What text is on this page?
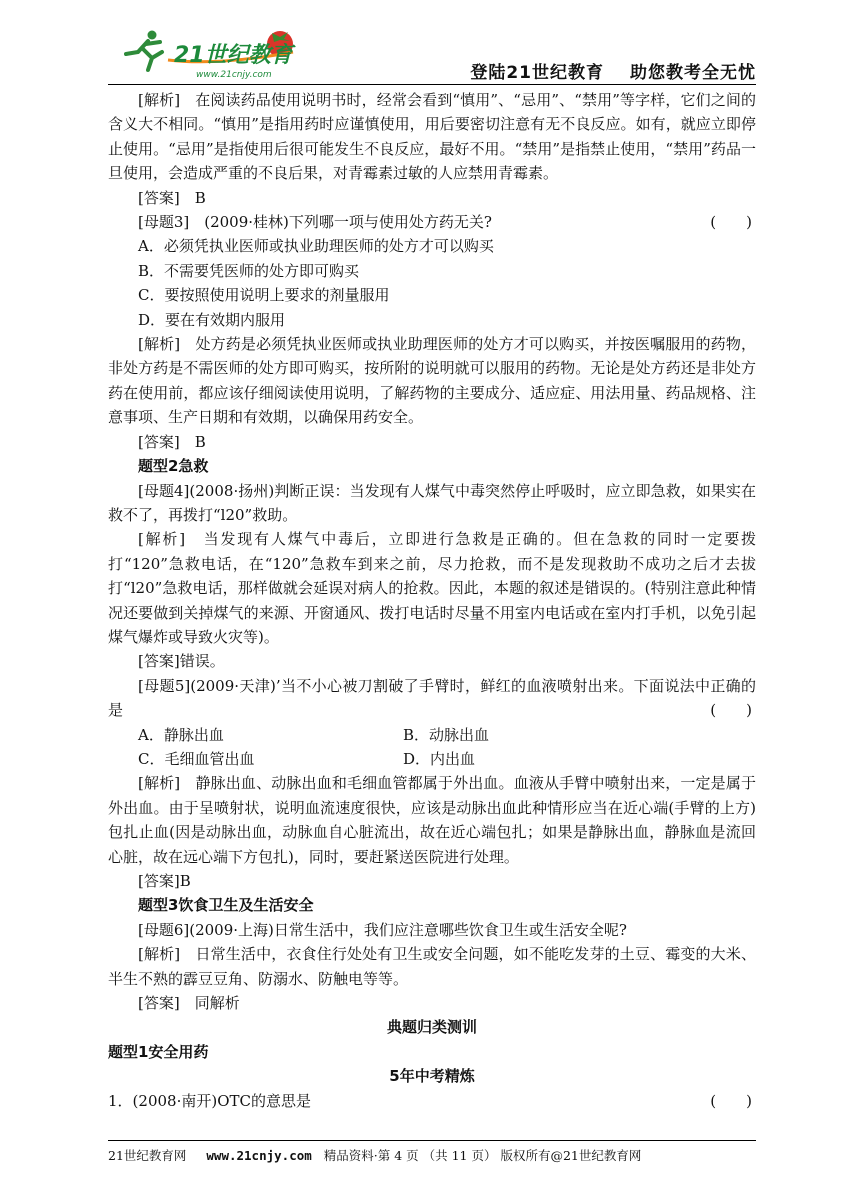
21世纪教育
www.21cnjy.com	登陆21世纪教育 助您教考全无忧

[解析]　在阅读药品使用说明书时，经常会看到“慎用”、“忌用”、“禁用”等字样，它们之间的含义大不相同。“慎用”是指用药时应谨慎使用，用后要密切注意有无不良反应。如有，就应立即停止使用。“忌用”是指使用后很可能发生不良反应，最好不用。“禁用”是指禁止使用，“禁用”药品一旦使用，会造成严重的不良后果，对青霉素过敏的人应禁用青霉素。

[答案]　B

[母题3]　(2009·桂林)下列哪一项与使用处方药无关?	(　　)

A．必须凭执业医师或执业助理医师的处方才可以购买

B．不需要凭医师的处方即可购买

C．要按照使用说明上要求的剂量服用

D．要在有效期内服用

[解析]　处方药是必须凭执业医师或执业助理医师的处方才可以购买，并按医嘱服用的药物，非处方药是不需医师的处方即可购买，按所附的说明就可以服用的药物。无论是处方药还是非处方药在使用前，都应该仔细阅读使用说明，了解药物的主要成分、适应症、用法用量、药品规格、注意事项、生产日期和有效期，以确保用药安全。

[答案]　B

题型2急救

[母题4](2008·扬州)判断正误：当发现有人煤气中毒突然停止呼吸时，应立即急救，如果实在救不了，再拨打“l20”救助。

[解析]　当发现有人煤气中毒后，立即进行急救是正确的。但在急救的同时一定要拨打“120”急救电话，在“120”急救车到来之前，尽力抢救，而不是发现救助不成功之后才去拔打“l20”急救电话，那样做就会延误对病人的抢救。因此，本题的叙述是错误的。(特别注意此种情况还要做到关掉煤气的来源、开窗通风、拨打电话时尽量不用室内电话或在室内打手机，以免引起煤气爆炸或导致火灾等)。

[答案]错误。

[母题5](2009·天津)’当不小心被刀割破了手臂时，鲜红的血液喷射出来。下面说法中正确的是	(　　)
A．静脉出血	B．动脉出血
C．毛细血管出血	D．内出血

[解析]　静脉出血、动脉出血和毛细血管都属于外出血。血液从手臂中喷射出来，一定是属于外出血。由于呈喷射状，说明血流速度很快，应该是动脉出血此种情形应当在近心端(手臂的上方)包扎止血(因是动脉出血，动脉血自心脏流出，故在近心端包扎；如果是静脉出血，静脉血是流回心脏，故在远心端下方包扎)，同时，要赶紧送医院进行处理。

[答案]B

题型3饮食卫生及生活安全

[母题6](2009·上海)日常生活中，我们应注意哪些饮食卫生或生活安全呢?

[解析]　日常生活中，衣食住行处处有卫生或安全问题，如不能吃发芽的土豆、霉变的大米、半生不熟的霹豆豆角、防溺水、防触电等等。

[答案]　同解析

典题归类测训

题型1安全用药

5年中考精炼

1．(2008·南开)OTC的意思是	(　　)
21世纪教育网 www.21cnjy.com 精品资料·第 4 页 （共 11 页） 版权所有@21世纪教育网
